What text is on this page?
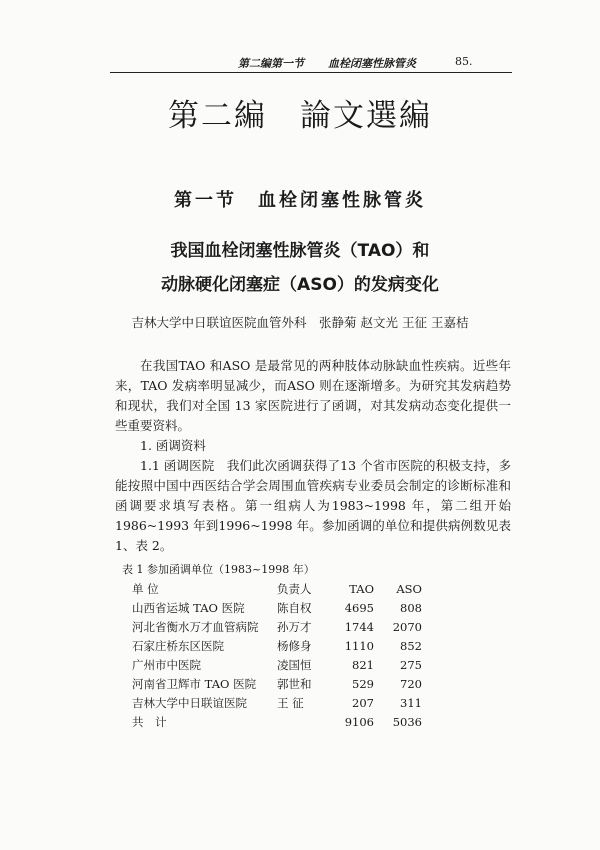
第二编第一节 血栓闭塞性脉管炎	85.
第二編　論文選編
第一节　血栓闭塞性脉管炎
我国血栓闭塞性脉管炎（TAO）和
动脉硬化闭塞症（ASO）的发病变化
吉林大学中日联谊医院血管外科　张静菊 赵文光 王征 王嘉桔

在我国TAO 和ASO 是最常见的两种肢体动脉缺血性疾病。近些年来，TAO 发病率明显减少，而ASO 则在逐渐增多。为研究其发病趋势和现状，我们对全国 13 家医院进行了函调，对其发病动态变化提供一些重要资料。

1. 函调资料

1.1 函调医院　我们此次函调获得了13 个省市医院的积极支持，多能按照中国中西医结合学会周围血管疾病专业委员会制定的诊断标准和函调要求填写表格。第一组病人为1983~1998 年，第二组开始1986~1993 年到1996~1998 年。参加函调的单位和提供病例数见表 1、表 2。

表 1 参加函调单位（1983~1998 年）
单 位	负责人	TAO	ASO
山西省运城 TAO 医院	陈自权	4695	808
河北省衡水万才血管病院	孙万才	1744	2070
石家庄桥东区医院	杨修身	1110	852
广州市中医院	凌国恒	821	275
河南省卫辉市 TAO 医院	郭世和	529	720
吉林大学中日联谊医院	王 征	207	311
共　计		9106	5036
